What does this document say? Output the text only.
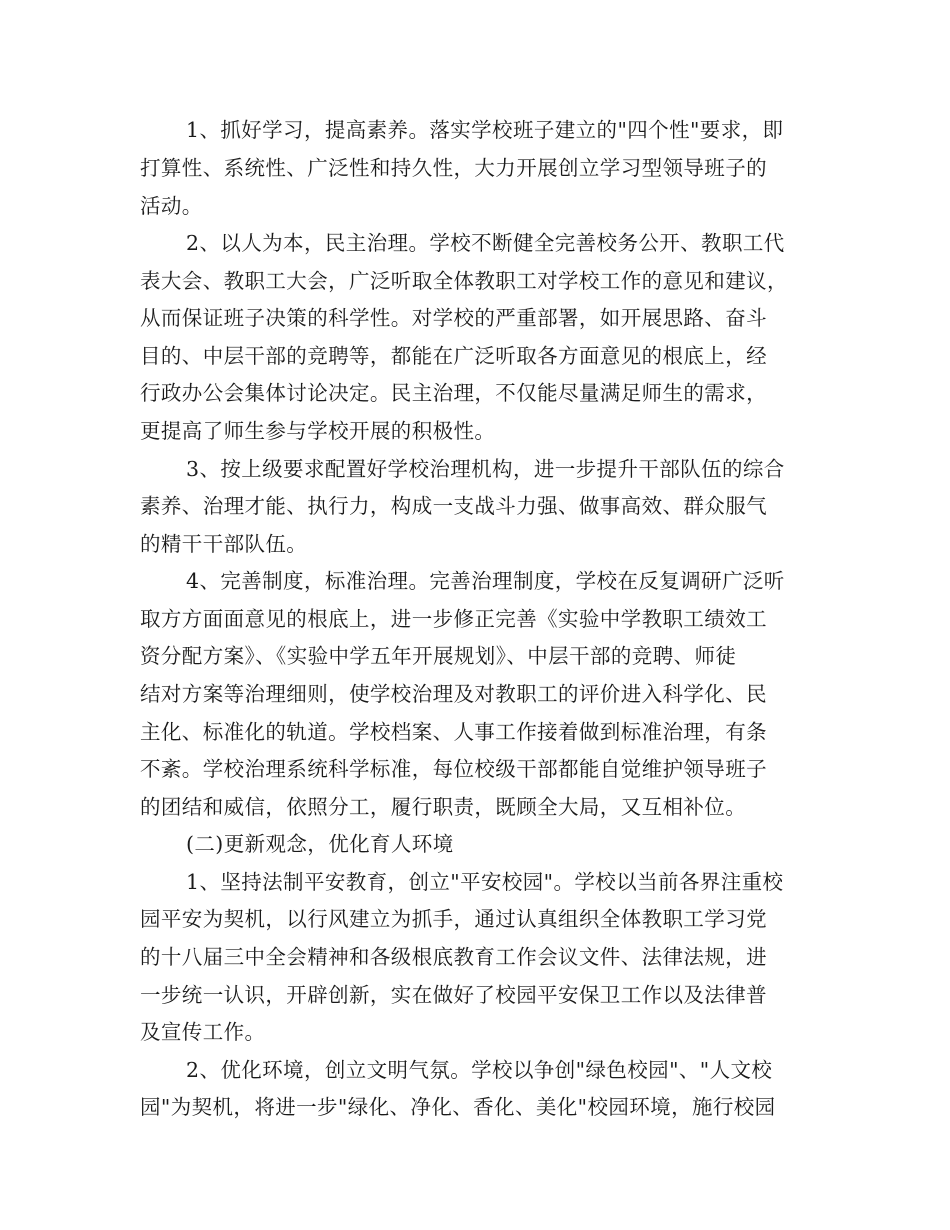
1、抓好学习，提高素养。落实学校班子建立的"四个性"要求，即
打算性、系统性、广泛性和持久性，大力开展创立学习型领导班子的
活动。
2、以人为本，民主治理。学校不断健全完善校务公开、教职工代
表大会、教职工大会，广泛听取全体教职工对学校工作的意见和建议，
从而保证班子决策的科学性。对学校的严重部署，如开展思路、奋斗
目的、中层干部的竞聘等，都能在广泛听取各方面意见的根底上，经
行政办公会集体讨论决定。民主治理，不仅能尽量满足师生的需求，
更提高了师生参与学校开展的积极性。
3、按上级要求配置好学校治理机构，进一步提升干部队伍的综合
素养、治理才能、执行力，构成一支战斗力强、做事高效、群众服气
的精干干部队伍。
4、完善制度，标准治理。完善治理制度，学校在反复调研广泛听
取方方面面意见的根底上，进一步修正完善《实验中学教职工绩效工
资分配方案》、《实验中学五年开展规划》、中层干部的竞聘、师徒
结对方案等治理细则，使学校治理及对教职工的评价进入科学化、民
主化、标准化的轨道。学校档案、人事工作接着做到标准治理，有条
不紊。学校治理系统科学标准，每位校级干部都能自觉维护领导班子
的团结和威信，依照分工，履行职责，既顾全大局，又互相补位。
(二)更新观念，优化育人环境
1、坚持法制平安教育，创立"平安校园"。学校以当前各界注重校
园平安为契机，以行风建立为抓手，通过认真组织全体教职工学习党
的十八届三中全会精神和各级根底教育工作会议文件、法律法规，进
一步统一认识，开辟创新，实在做好了校园平安保卫工作以及法律普
及宣传工作。
2、优化环境，创立文明气氛。学校以争创"绿色校园"、"人文校
园"为契机，将进一步"绿化、净化、香化、美化"校园环境，施行校园
